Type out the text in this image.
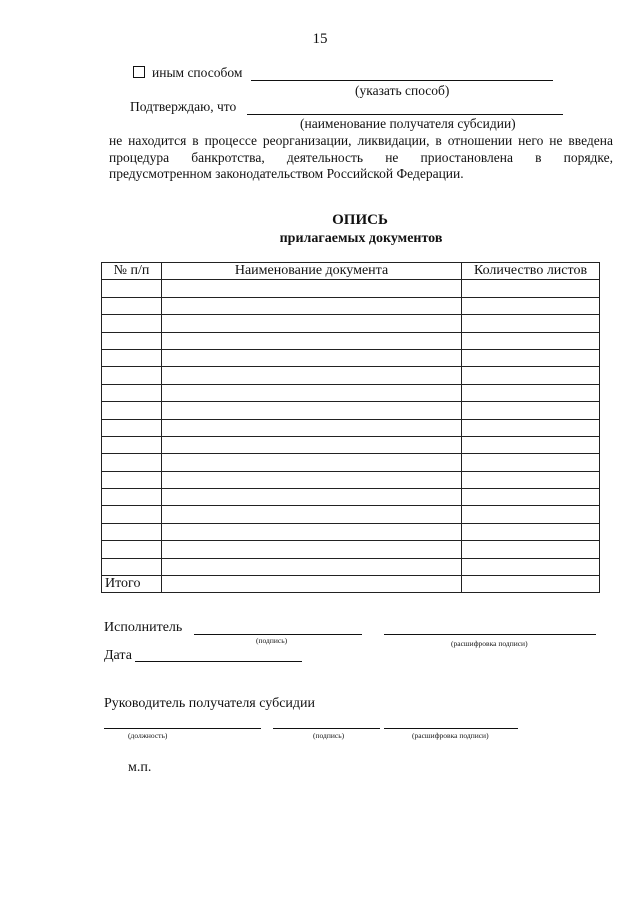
15
иным способом
(указать способ)
Подтверждаю, что
(наименование получателя субсидии)
не находится в процессе реорганизации, ликвидации, в отношении него не введена
процедура банкротства, деятельность не приостановлена в порядке,
предусмотренном законодательством Российской Федерации.
ОПИСЬ
прилагаемых документов
№ п/п	Наименование документа	Количество листов

Итого		
Исполнитель
(подпись)	(расшифровка подписи)
Дата
Руководитель получателя субсидии
(должность)	(подпись)	(расшифровка подписи)
м.п.
